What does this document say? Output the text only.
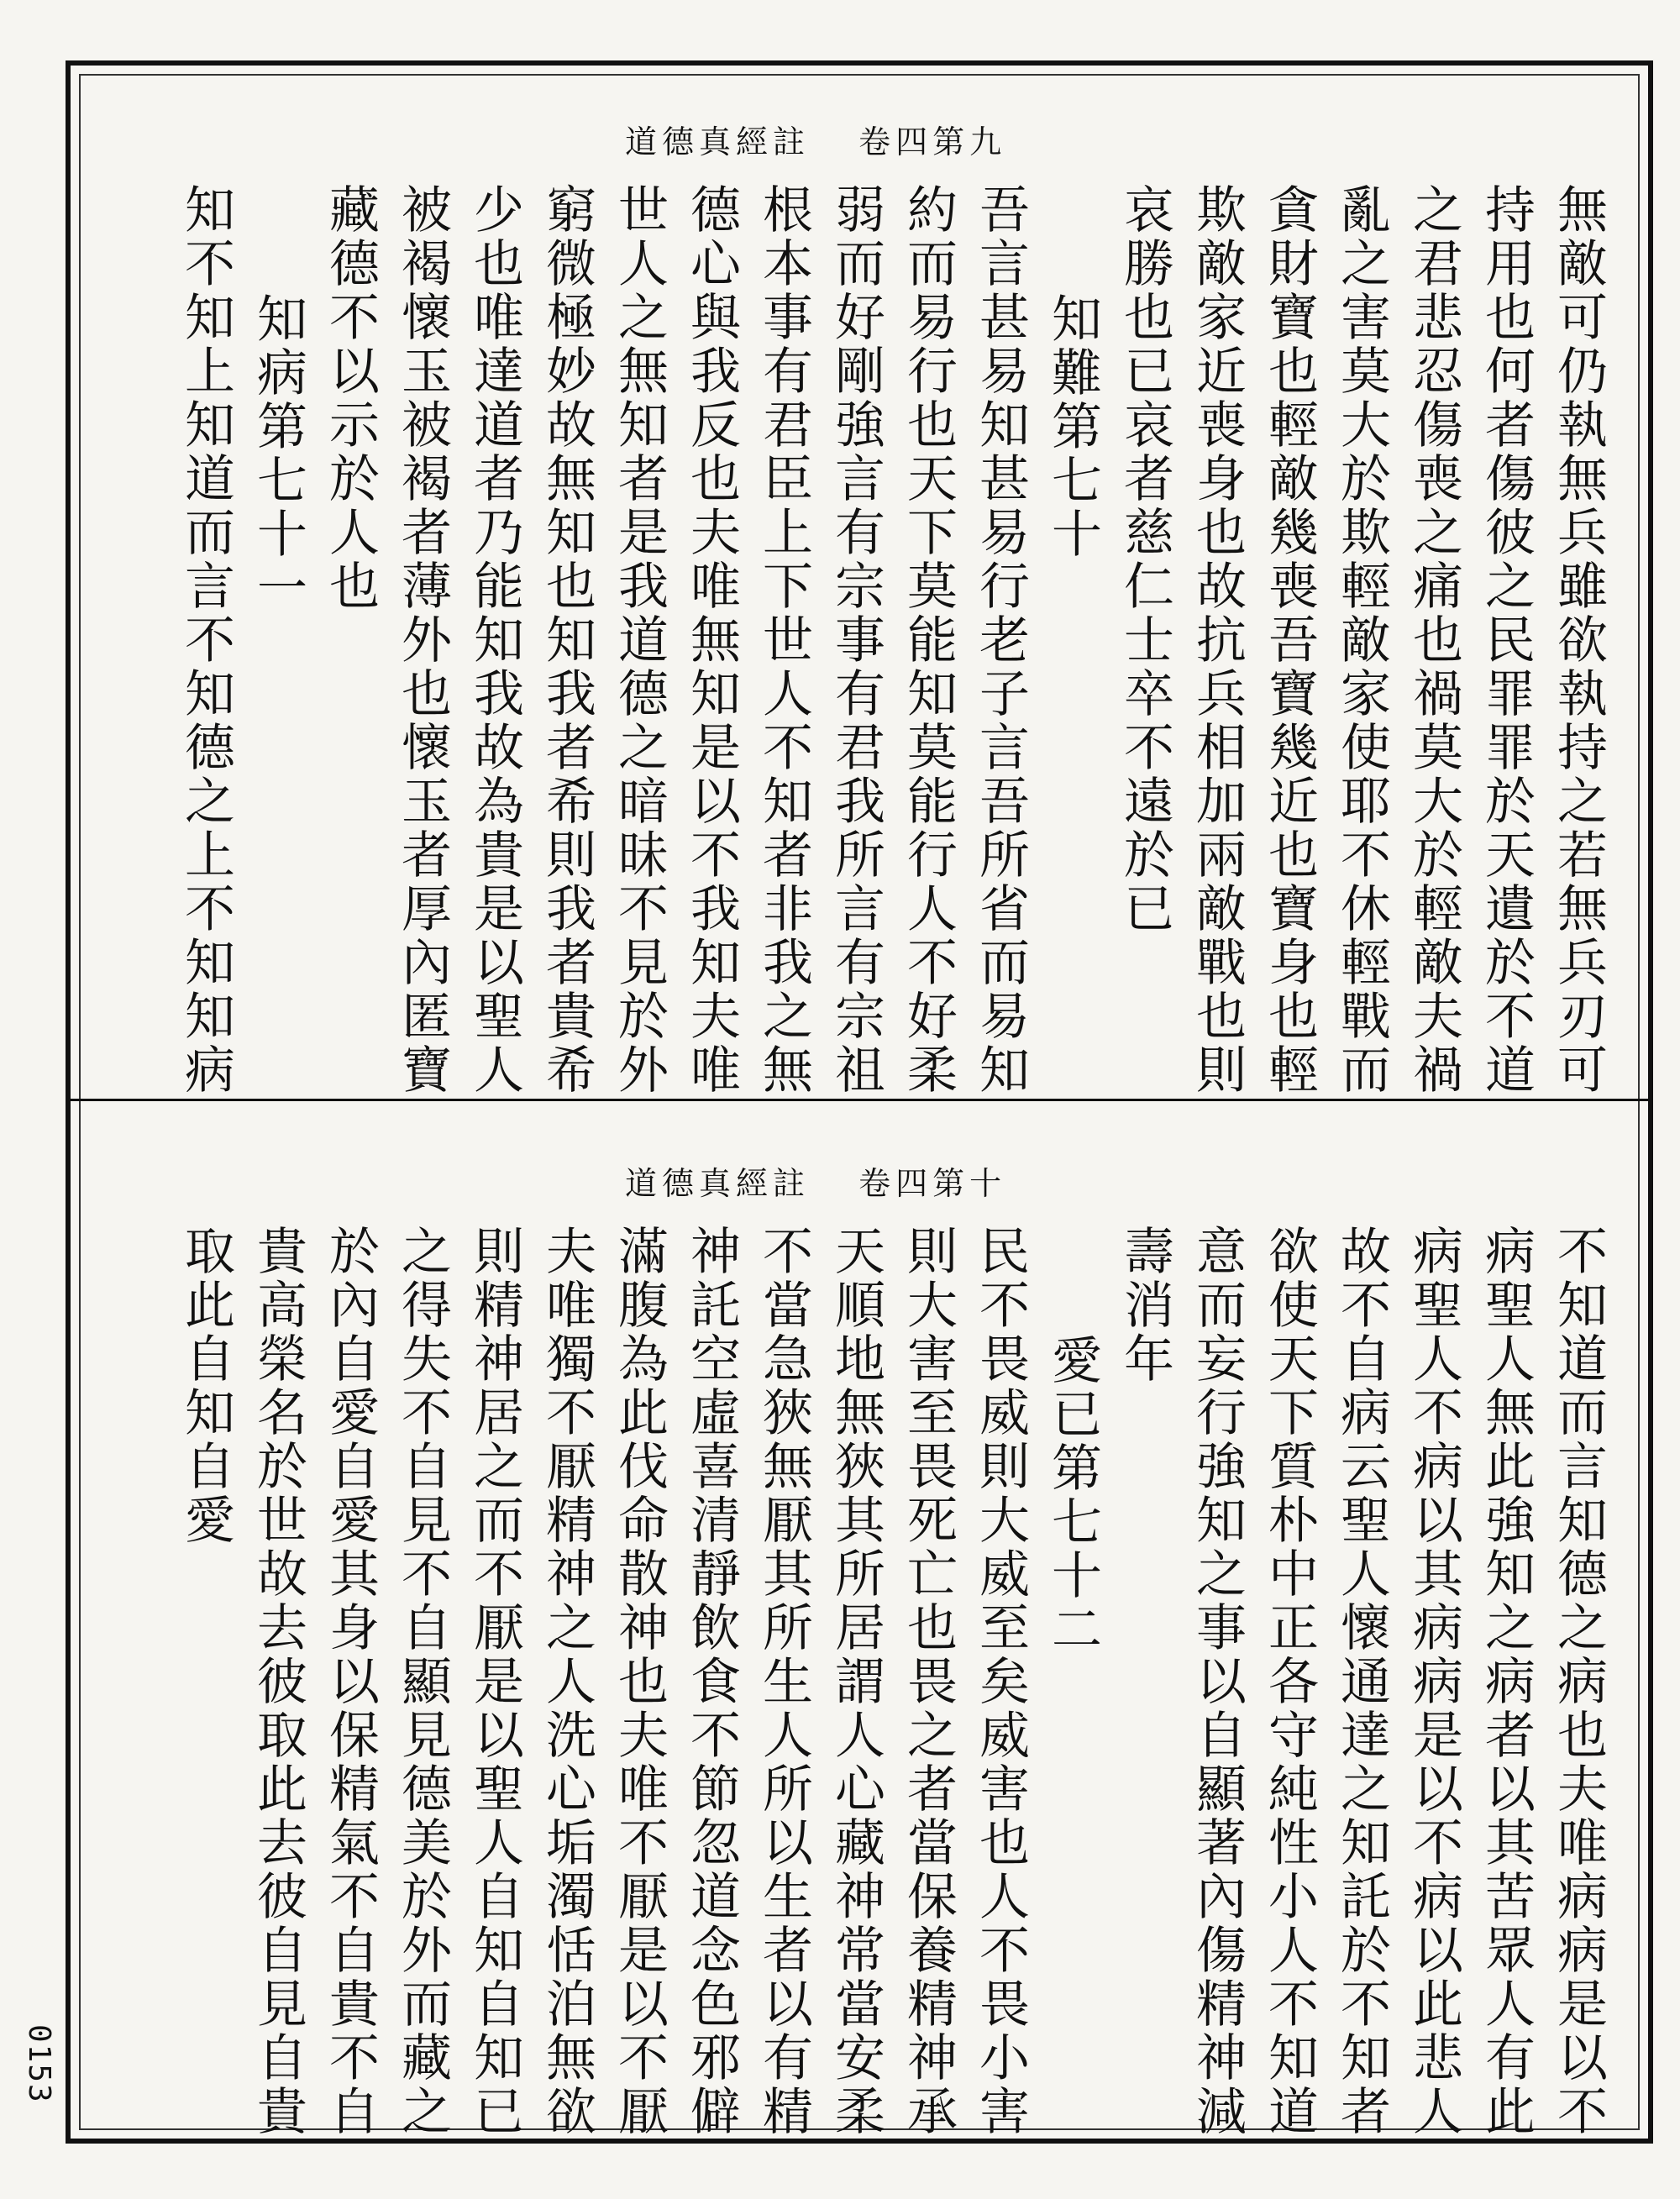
0153
道德真經註 卷四第九
無敵可仍執無兵雖欲執持之若無兵刃可
持用也何者傷彼之民罪罪於天遺於不道
之君悲忍傷喪之痛也禍莫大於輕敵夫禍
亂之害莫大於欺輕敵家使耶不休輕戰而
貪財寶也輕敵幾喪吾寶幾近也寶身也輕
欺敵家近喪身也故抗兵相加兩敵戰也則
哀勝也已哀者慈仁士卒不遠於已
知難第七十
吾言甚易知甚易行老子言吾所省而易知
約而易行也天下莫能知莫能行人不好柔
弱而好剛強言有宗事有君我所言有宗祖
根本事有君臣上下世人不知者非我之無
德心與我反也夫唯無知是以不我知夫唯
世人之無知者是我道德之暗昧不見於外
窮微極妙故無知也知我者希則我者貴希
少也唯達道者乃能知我故為貴是以聖人
被褐懷玉被褐者薄外也懷玉者厚內匿寶
藏德不以示於人也
知病第七十一
知不知上知道而言不知德之上不知知病
道德真經註 卷四第十
不知道而言知德之病也夫唯病病是以不
病聖人無此強知之病者以其苦眾人有此
病聖人不病以其病病是以不病以此悲人
故不自病云聖人懷通達之知託於不知者
欲使天下質朴中正各守純性小人不知道
意而妄行強知之事以自顯著內傷精神減
壽消年
愛已第七十二
民不畏威則大威至矣威害也人不畏小害
則大害至畏死亡也畏之者當保養精神承
天順地無狹其所居謂人心藏神常當安柔
不當急狹無厭其所生人所以生者以有精
神託空虛喜清靜飲食不節忽道念色邪僻
滿腹為此伐命散神也夫唯不厭是以不厭
夫唯獨不厭精神之人洗心垢濁恬泊無欲
則精神居之而不厭是以聖人自知自知已
之得失不自見不自顯見德美於外而藏之
於內自愛自愛其身以保精氣不自貴不自
貴高榮名於世故去彼取此去彼自見自貴
取此自知自愛
